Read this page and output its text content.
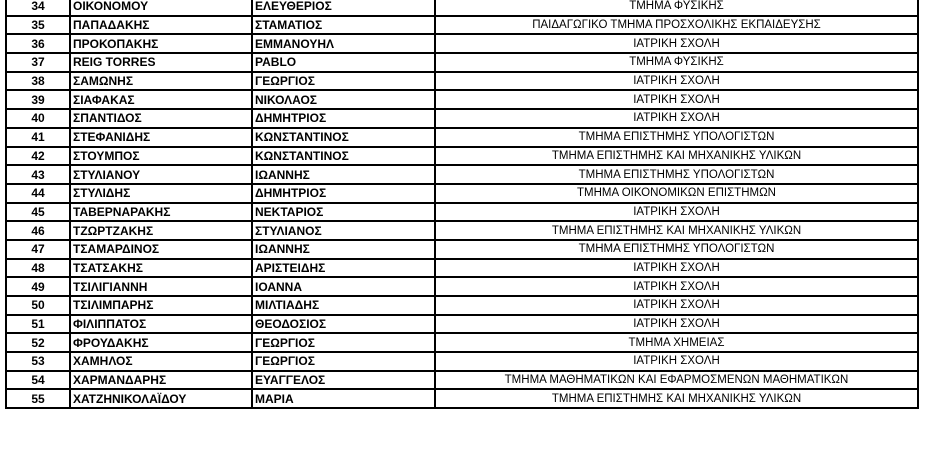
34	ΟΙΚΟΝΟΜΟΥ	ΕΛΕΥΘΕΡΙΟΣ	ΤΜΗΜΑ ΦΥΣΙΚΗΣ
35	ΠΑΠΑΔΑΚΗΣ	ΣΤΑΜΑΤΙΟΣ	ΠΑΙΔΑΓΩΓΙΚΟ ΤΜΗΜΑ ΠΡΟΣΧΟΛΙΚΗΣ ΕΚΠΑΙΔΕΥΣΗΣ
36	ΠΡΟΚΟΠΑΚΗΣ	ΕΜΜΑΝΟΥΗΛ	ΙΑΤΡΙΚΗ ΣΧΟΛΗ
37	REIG TORRES	PABLO	ΤΜΗΜΑ ΦΥΣΙΚΗΣ
38	ΣΑΜΩΝΗΣ	ΓΕΩΡΓΙΟΣ	ΙΑΤΡΙΚΗ ΣΧΟΛΗ
39	ΣΙΑΦΑΚΑΣ	ΝΙΚΟΛΑΟΣ	ΙΑΤΡΙΚΗ ΣΧΟΛΗ
40	ΣΠΑΝΤΙΔΟΣ	ΔΗΜΗΤΡΙΟΣ	ΙΑΤΡΙΚΗ ΣΧΟΛΗ
41	ΣΤΕΦΑΝΙΔΗΣ	ΚΩΝΣΤΑΝΤΙΝΟΣ	ΤΜΗΜΑ ΕΠΙΣΤΗΜΗΣ ΥΠΟΛΟΓΙΣΤΩΝ
42	ΣΤΟΥΜΠΟΣ	ΚΩΝΣΤΑΝΤΙΝΟΣ	ΤΜΗΜΑ ΕΠΙΣΤΗΜΗΣ ΚΑΙ ΜΗΧΑΝΙΚΗΣ ΥΛΙΚΩΝ
43	ΣΤΥΛΙΑΝΟΥ	ΙΩΑΝΝΗΣ	ΤΜΗΜΑ ΕΠΙΣΤΗΜΗΣ ΥΠΟΛΟΓΙΣΤΩΝ
44	ΣΤΥΛΙΔΗΣ	ΔΗΜΗΤΡΙΟΣ	ΤΜΗΜΑ ΟΙΚΟΝΟΜΙΚΩΝ ΕΠΙΣΤΗΜΩΝ
45	ΤΑΒΕΡΝΑΡΑΚΗΣ	ΝΕΚΤΑΡΙΟΣ	ΙΑΤΡΙΚΗ ΣΧΟΛΗ
46	ΤΖΩΡΤΖΑΚΗΣ	ΣΤΥΛΙΑΝΟΣ	ΤΜΗΜΑ ΕΠΙΣΤΗΜΗΣ ΚΑΙ ΜΗΧΑΝΙΚΗΣ ΥΛΙΚΩΝ
47	ΤΣΑΜΑΡΔΙΝΟΣ	ΙΩΑΝΝΗΣ	ΤΜΗΜΑ ΕΠΙΣΤΗΜΗΣ ΥΠΟΛΟΓΙΣΤΩΝ
48	ΤΣΑΤΣΑΚΗΣ	ΑΡΙΣΤΕΙΔΗΣ	ΙΑΤΡΙΚΗ ΣΧΟΛΗ
49	ΤΣΙΛΙΓΙΑΝΝΗ	ΙΟΑΝΝΑ	ΙΑΤΡΙΚΗ ΣΧΟΛΗ
50	ΤΣΙΛΙΜΠΑΡΗΣ	ΜΙΛΤΙΑΔΗΣ	ΙΑΤΡΙΚΗ ΣΧΟΛΗ
51	ΦΙΛΙΠΠΑΤΟΣ	ΘΕΟΔΟΣΙΟΣ	ΙΑΤΡΙΚΗ ΣΧΟΛΗ
52	ΦΡΟΥΔΑΚΗΣ	ΓΕΩΡΓΙΟΣ	ΤΜΗΜΑ ΧΗΜΕΙΑΣ
53	ΧΑΜΗΛΟΣ	ΓΕΩΡΓΙΟΣ	ΙΑΤΡΙΚΗ ΣΧΟΛΗ
54	ΧΑΡΜΑΝΔΑΡΗΣ	ΕΥΑΓΓΕΛΟΣ	ΤΜΗΜΑ ΜΑΘΗΜΑΤΙΚΩΝ ΚΑΙ ΕΦΑΡΜΟΣΜΕΝΩΝ ΜΑΘΗΜΑΤΙΚΩΝ
55	ΧΑΤΖΗΝΙΚΟΛΑΪΔΟΥ	ΜΑΡΙΑ	ΤΜΗΜΑ ΕΠΙΣΤΗΜΗΣ ΚΑΙ ΜΗΧΑΝΙΚΗΣ ΥΛΙΚΩΝ
